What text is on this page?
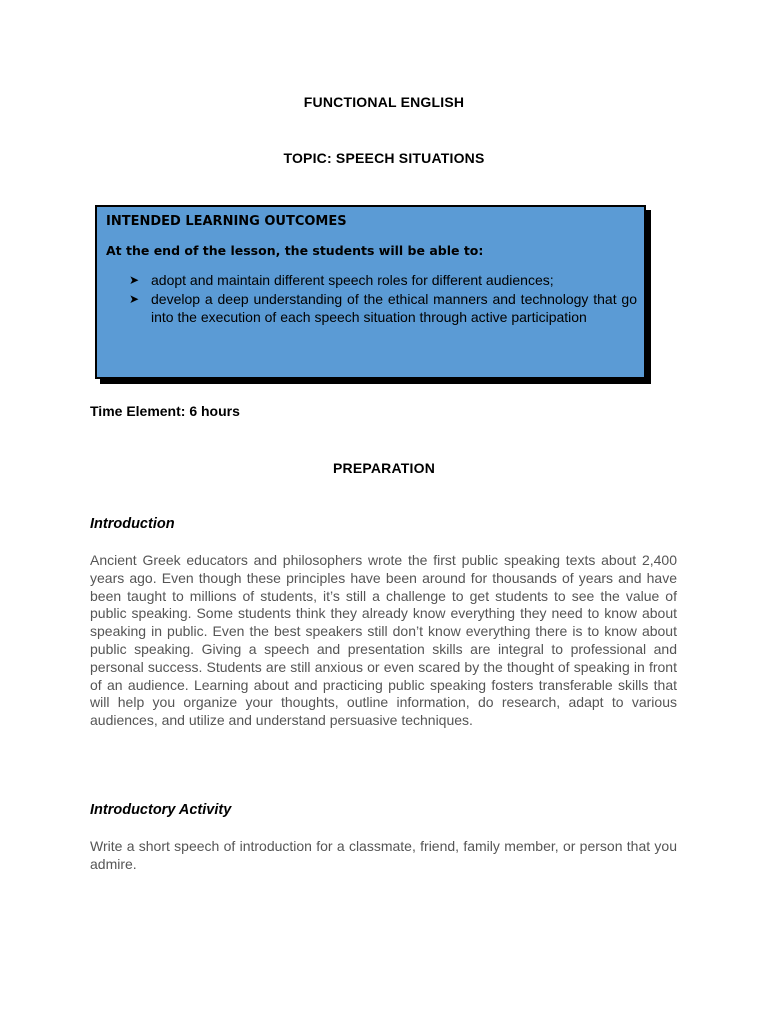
FUNCTIONAL ENGLISH
TOPIC: SPEECH SITUATIONS
INTENDED LEARNING OUTCOMES
At the end of the lesson, the students will be able to:
➤ adopt and maintain different speech roles for different audiences;
➤ develop a deep understanding of the ethical manners and technology that go into the execution of each speech situation through active participation
Time Element: 6 hours
PREPARATION
Introduction
Ancient Greek educators and philosophers wrote the first public speaking texts about 2,400 years ago. Even though these principles have been around for thousands of years and have been taught to millions of students, it’s still a challenge to get students to see the value of public speaking. Some students think they already know everything they need to know about speaking in public. Even the best speakers still don’t know everything there is to know about public speaking. Giving a speech and presentation skills are integral to professional and personal success. Students are still anxious or even scared by the thought of speaking in front of an audience. Learning about and practicing public speaking fosters transferable skills that will help you organize your thoughts, outline information, do research, adapt to various audiences, and utilize and understand persuasive techniques.
Introductory Activity
Write a short speech of introduction for a classmate, friend, family member, or person that you admire.
